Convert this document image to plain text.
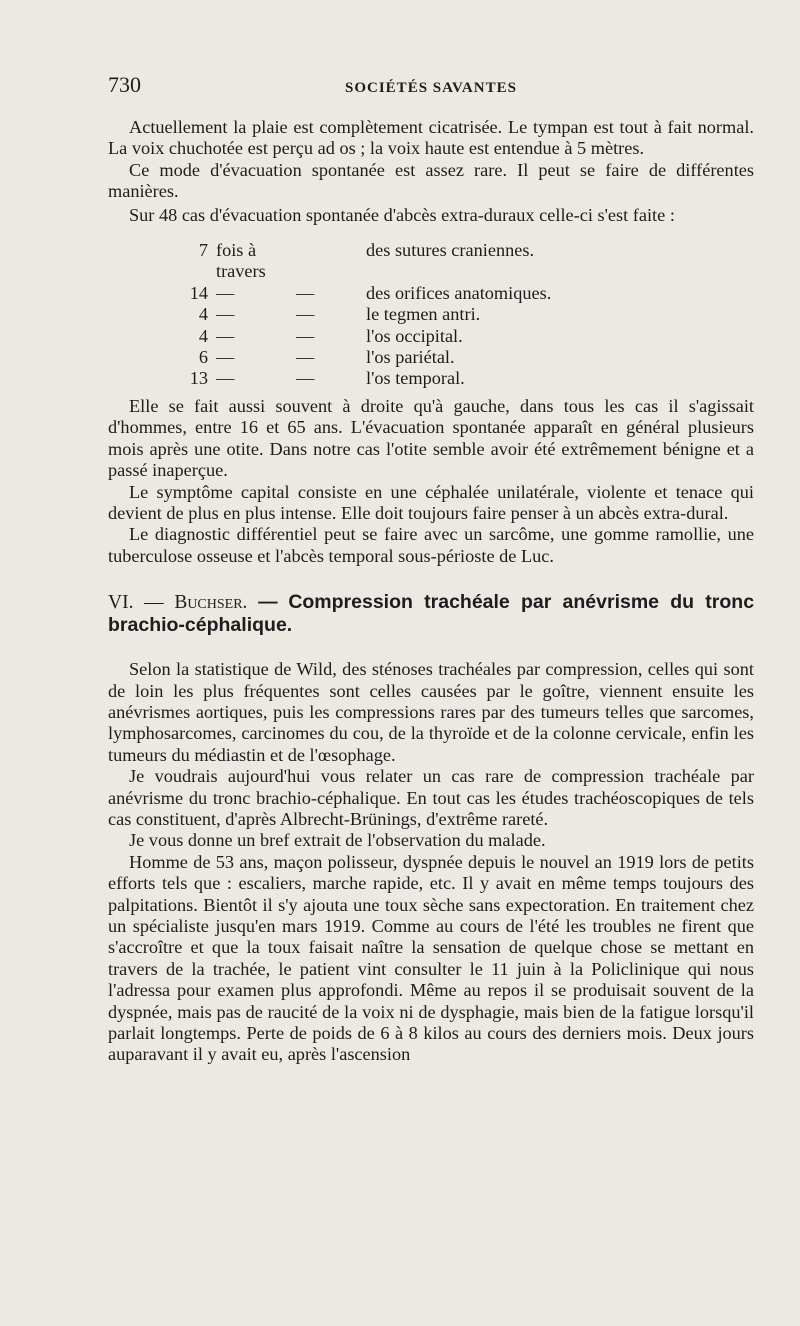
730	SOCIÉTÉS SAVANTES

Actuellement la plaie est complètement cicatrisée. Le tympan est tout à fait normal. La voix chuchotée est perçu ad os ; la voix haute est entendue à 5 mètres.

Ce mode d'évacuation spontanée est assez rare. Il peut se faire de différentes manières.

Sur 48 cas d'évacuation spontanée d'abcès extra-duraux celle-ci s'est faite :

7	fois à travers		des sutures craniennes.
14	—	—	des orifices anatomiques.
4	—	—	le tegmen antri.
4	—	—	l'os occipital.
6	—	—	l'os pariétal.
13	—	—	l'os temporal.

Elle se fait aussi souvent à droite qu'à gauche, dans tous les cas il s'agissait d'hommes, entre 16 et 65 ans. L'évacuation spontanée apparaît en général plusieurs mois après une otite. Dans notre cas l'otite semble avoir été extrêmement bénigne et a passé inaperçue.

Le symptôme capital consiste en une céphalée unilatérale, violente et tenace qui devient de plus en plus intense. Elle doit toujours faire penser à un abcès extra-dural.

Le diagnostic différentiel peut se faire avec un sarcôme, une gomme ramollie, une tuberculose osseuse et l'abcès temporal sous-périoste de Luc.

VI. — Buchser. — Compression trachéale par anévrisme du tronc brachio-céphalique.

Selon la statistique de Wild, des sténoses trachéales par compression, celles qui sont de loin les plus fréquentes sont celles causées par le goître, viennent ensuite les anévrismes aortiques, puis les compressions rares par des tumeurs telles que sarcomes, lymphosarcomes, carcinomes du cou, de la thyroïde et de la colonne cervicale, enfin les tumeurs du médiastin et de l'œsophage.

Je voudrais aujourd'hui vous relater un cas rare de compression trachéale par anévrisme du tronc brachio-céphalique. En tout cas les études trachéoscopiques de tels cas constituent, d'après Albrecht-Brünings, d'extrême rareté.

Je vous donne un bref extrait de l'observation du malade.

Homme de 53 ans, maçon polisseur, dyspnée depuis le nouvel an 1919 lors de petits efforts tels que : escaliers, marche rapide, etc. Il y avait en même temps toujours des palpitations. Bientôt il s'y ajouta une toux sèche sans expectoration. En traitement chez un spécialiste jusqu'en mars 1919. Comme au cours de l'été les troubles ne firent que s'accroître et que la toux faisait naître la sensation de quelque chose se mettant en travers de la trachée, le patient vint consulter le 11 juin à la Policlinique qui nous l'adressa pour examen plus approfondi. Même au repos il se produisait souvent de la dyspnée, mais pas de raucité de la voix ni de dysphagie, mais bien de la fatigue lorsqu'il parlait longtemps. Perte de poids de 6 à 8 kilos au cours des derniers mois. Deux jours auparavant il y avait eu, après l'ascension
